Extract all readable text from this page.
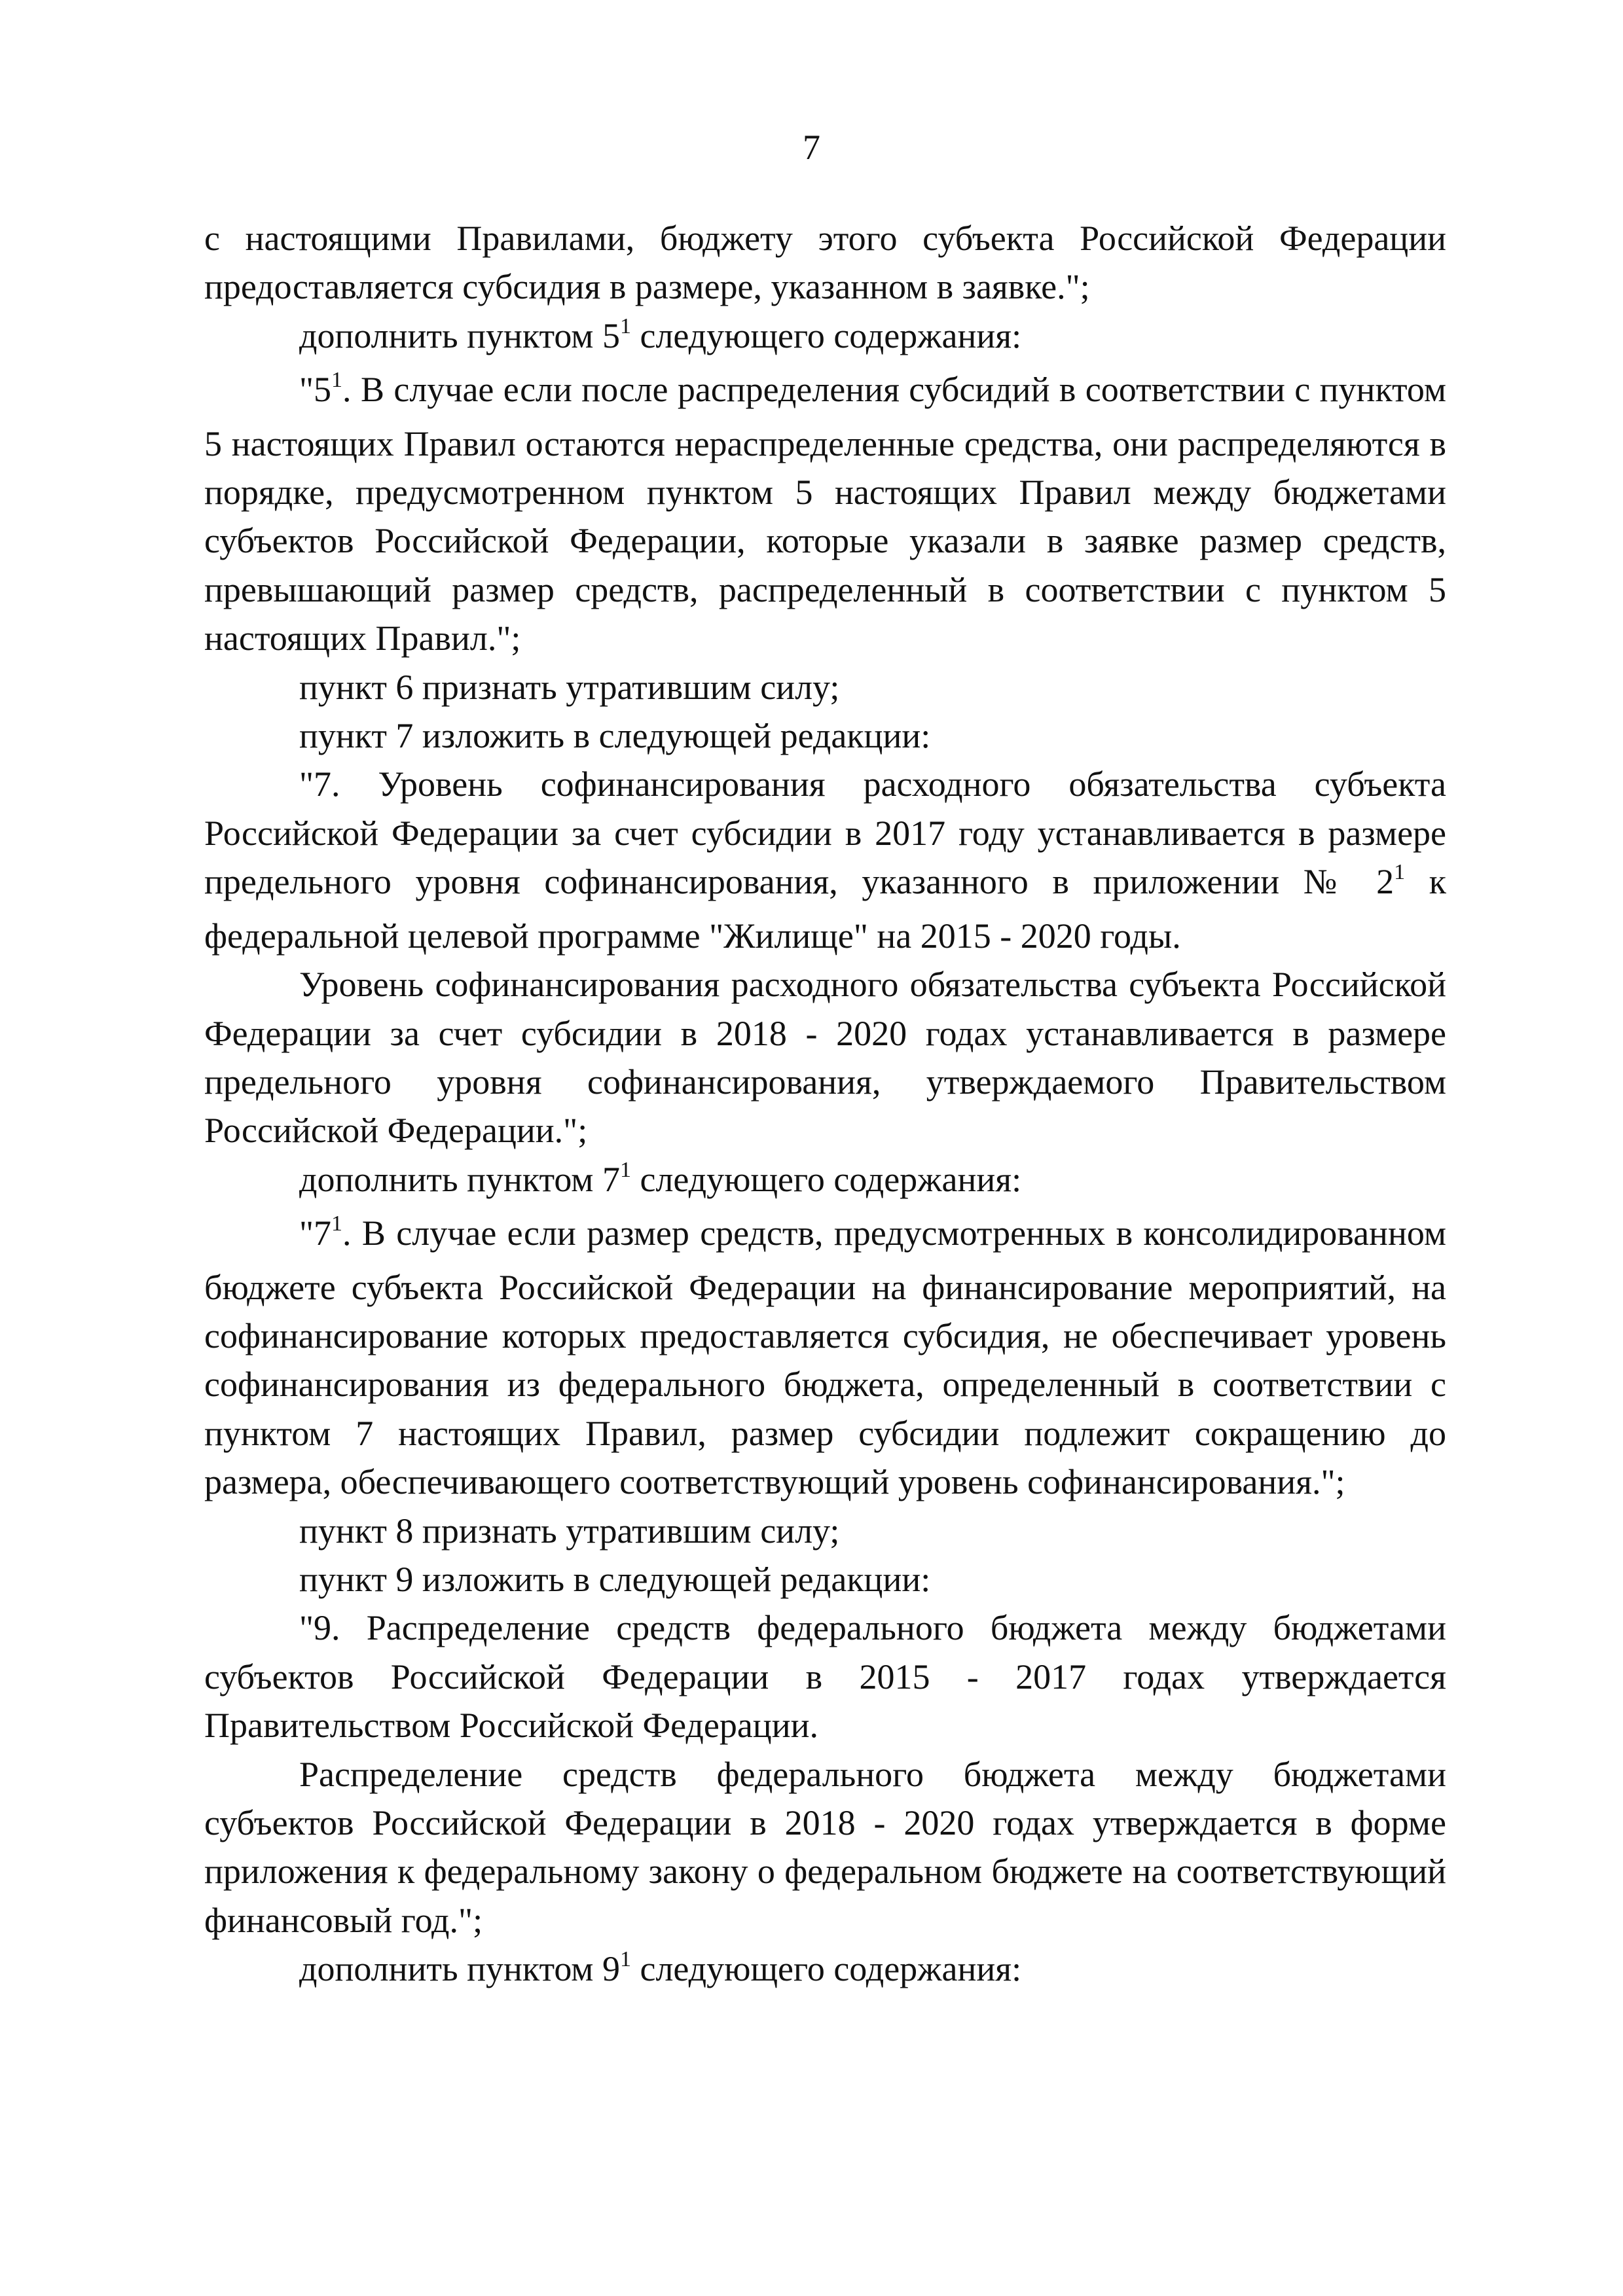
7

с настоящими Правилами, бюджету этого субъекта Российской Федерации предоставляется субсидия в размере, указанном в заявке.";

дополнить пунктом $5^1$ следующего содержания:

"$5^1$. В случае если после распределения субсидий в соответствии с пунктом 5 настоящих Правил остаются нераспределенные средства, они распределяются в порядке, предусмотренном пунктом 5 настоящих Правил между бюджетами субъектов Российской Федерации, которые указали в заявке размер средств, превышающий размер средств, распределенный в соответствии с пунктом 5 настоящих Правил.";

пункт 6 признать утратившим силу;

пункт 7 изложить в следующей редакции:

"7. Уровень софинансирования расходного обязательства субъекта Российской Федерации за счет субсидии в 2017 году устанавливается в размере предельного уровня софинансирования, указанного в приложении № $2^1$ к федеральной целевой программе "Жилище" на 2015 - 2020 годы.

Уровень софинансирования расходного обязательства субъекта Российской Федерации за счет субсидии в 2018 - 2020 годах устанавливается в размере предельного уровня софинансирования, утверждаемого Правительством Российской Федерации.";

дополнить пунктом $7^1$ следующего содержания:

"$7^1$. В случае если размер средств, предусмотренных в консолидированном бюджете субъекта Российской Федерации на финансирование мероприятий, на софинансирование которых предоставляется субсидия, не обеспечивает уровень софинансирования из федерального бюджета, определенный в соответствии с пунктом 7 настоящих Правил, размер субсидии подлежит сокращению до размера, обеспечивающего соответствующий уровень софинансирования.";

пункт 8 признать утратившим силу;

пункт 9 изложить в следующей редакции:

"9. Распределение средств федерального бюджета между бюджетами субъектов Российской Федерации в 2015 - 2017 годах утверждается Правительством Российской Федерации.

Распределение средств федерального бюджета между бюджетами субъектов Российской Федерации в 2018 - 2020 годах утверждается в форме приложения к федеральному закону о федеральном бюджете на соответствующий финансовый год.";

дополнить пунктом $9^1$ следующего содержания:
